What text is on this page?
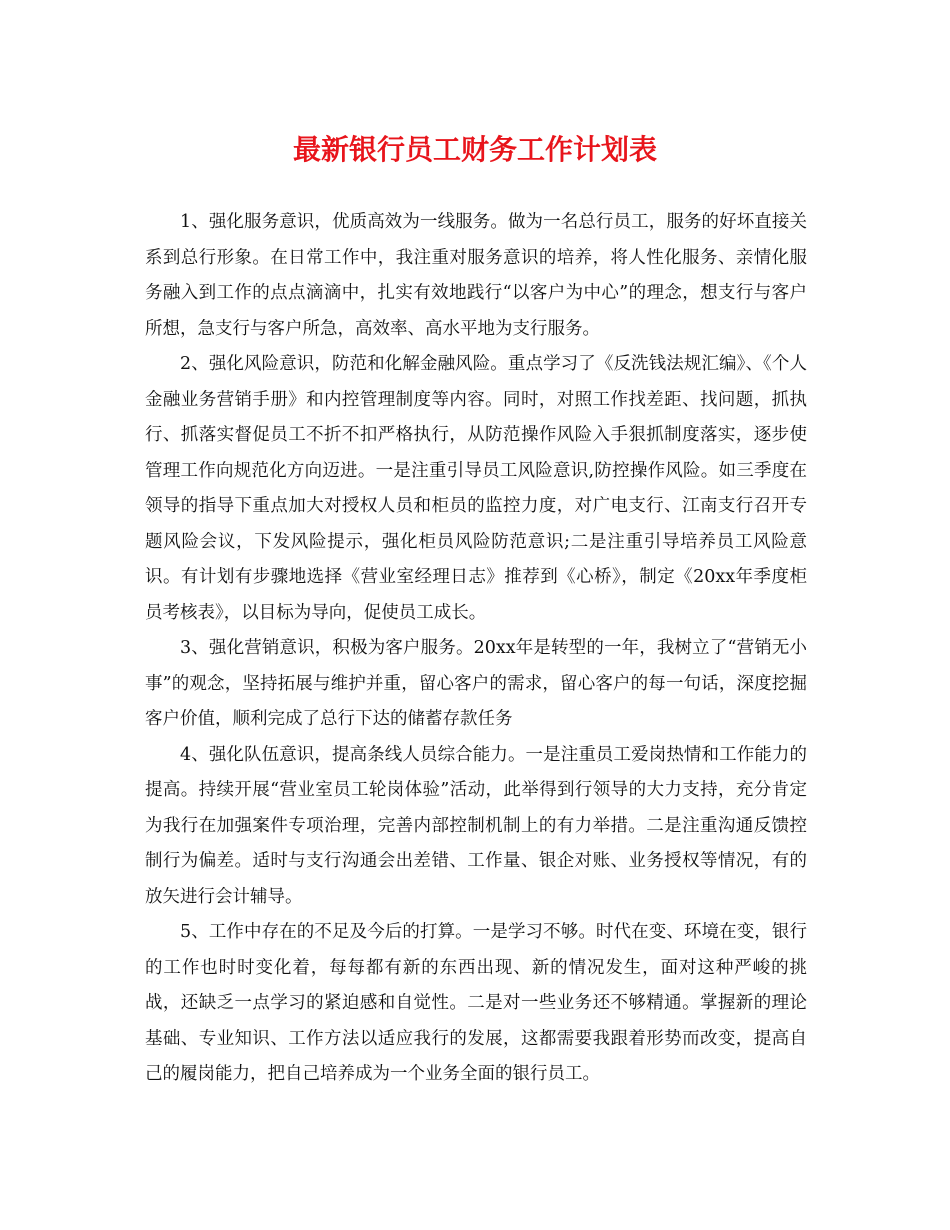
最新银行员工财务工作计划表

1、强化服务意识，优质高效为一线服务。做为一名总行员工，服务的好坏直接关系到总行形象。在日常工作中，我注重对服务意识的培养，将人性化服务、亲情化服务融入到工作的点点滴滴中，扎实有效地践行“以客户为中心”的理念，想支行与客户所想，急支行与客户所急，高效率、高水平地为支行服务。

2、强化风险意识，防范和化解金融风险。重点学习了《反洗钱法规汇编》、《个人金融业务营销手册》和内控管理制度等内容。同时，对照工作找差距、找问题，抓执行、抓落实督促员工不折不扣严格执行，从防范操作风险入手狠抓制度落实，逐步使管理工作向规范化方向迈进。一是注重引导员工风险意识,防控操作风险。如三季度在领导的指导下重点加大对授权人员和柜员的监控力度，对广电支行、江南支行召开专题风险会议，下发风险提示，强化柜员风险防范意识;二是注重引导培养员工风险意识。有计划有步骤地选择《营业室经理日志》推荐到《心桥》，制定《20xx年季度柜员考核表》，以目标为导向，促使员工成长。

3、强化营销意识，积极为客户服务。20xx年是转型的一年，我树立了“营销无小事”的观念，坚持拓展与维护并重，留心客户的需求，留心客户的每一句话，深度挖掘客户价值，顺利完成了总行下达的储蓄存款任务

4、强化队伍意识，提高条线人员综合能力。一是注重员工爱岗热情和工作能力的提高。持续开展“营业室员工轮岗体验”活动，此举得到行领导的大力支持，充分肯定为我行在加强案件专项治理，完善内部控制机制上的有力举措。二是注重沟通反馈控制行为偏差。适时与支行沟通会出差错、工作量、银企对账、业务授权等情况，有的放矢进行会计辅导。

5、工作中存在的不足及今后的打算。一是学习不够。时代在变、环境在变，银行的工作也时时变化着，每每都有新的东西出现、新的情况发生，面对这种严峻的挑战，还缺乏一点学习的紧迫感和自觉性。二是对一些业务还不够精通。掌握新的理论基础、专业知识、工作方法以适应我行的发展，这都需要我跟着形势而改变，提高自己的履岗能力，把自己培养成为一个业务全面的银行员工。
